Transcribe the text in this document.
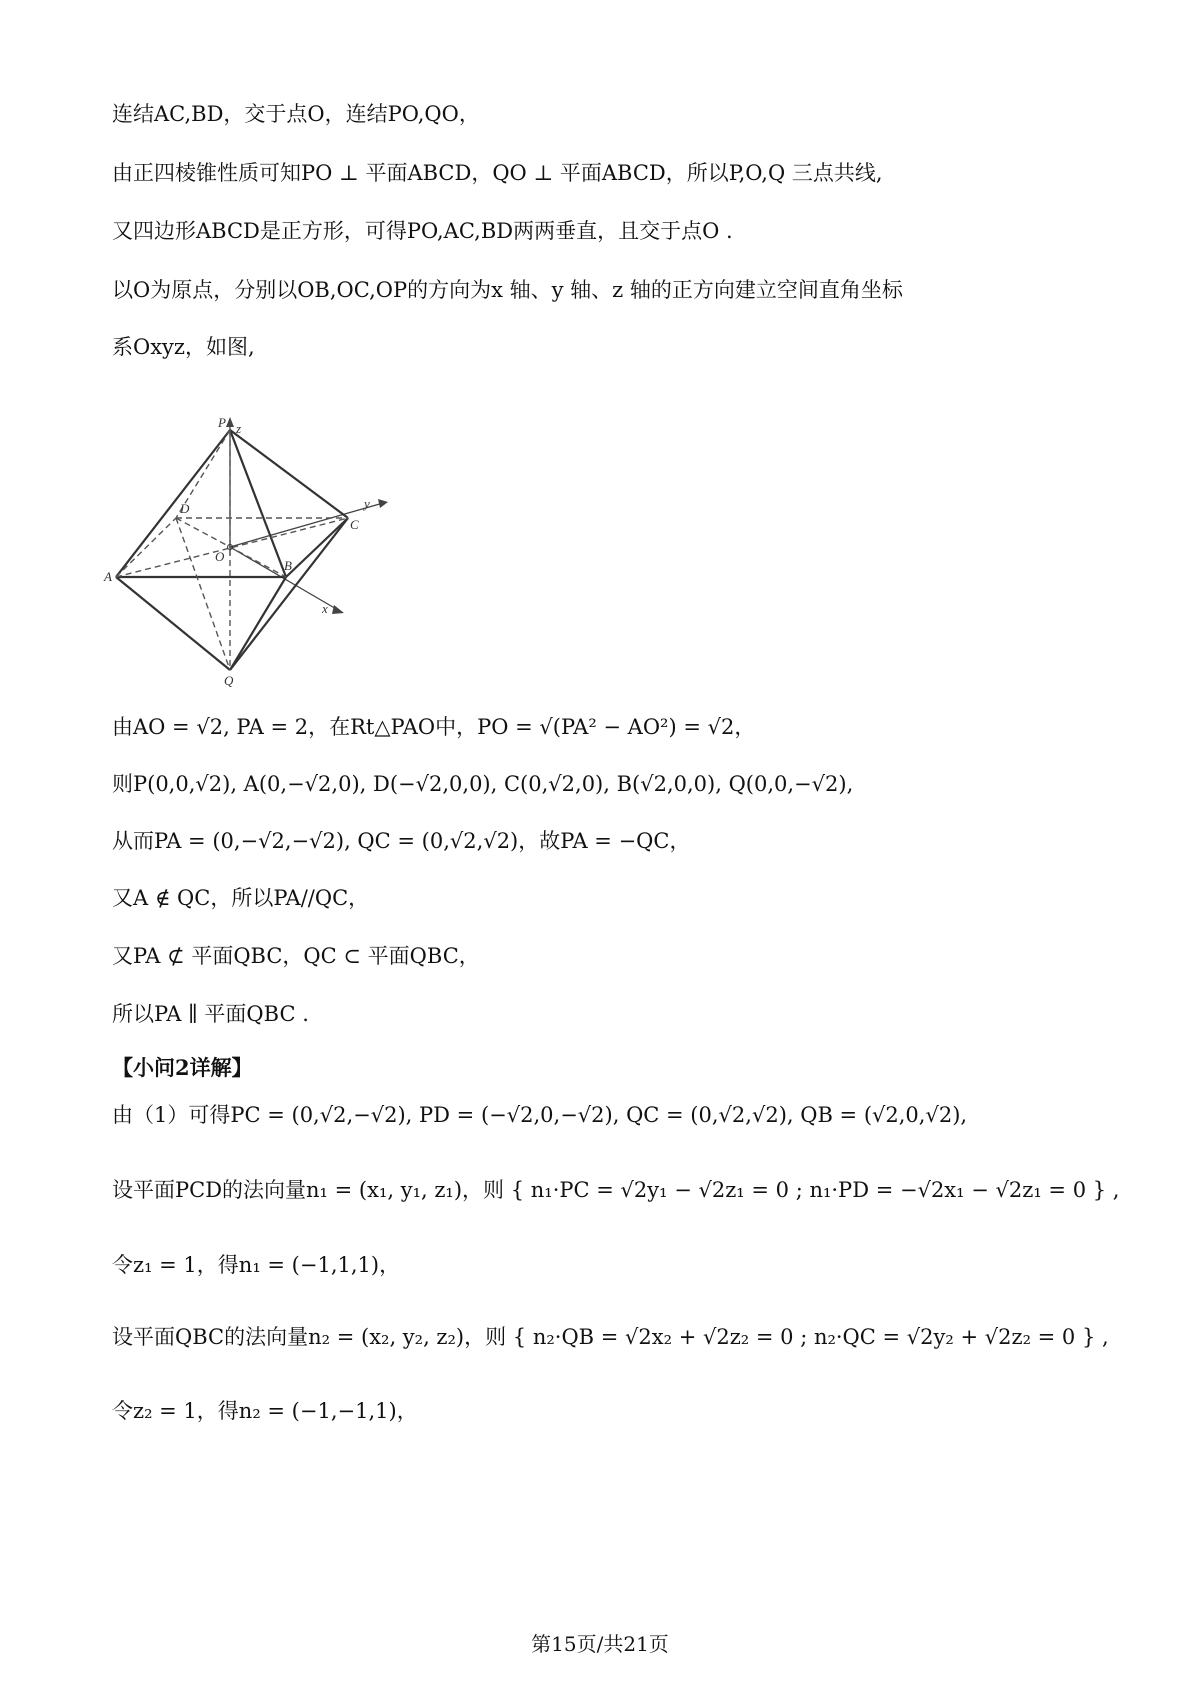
连结AC,BD，交于点O，连结PO,QO，
由正四棱锥性质可知PO ⊥ 平面ABCD，QO ⊥ 平面ABCD，所以P,O,Q 三点共线,
又四边形ABCD是正方形，可得PO,AC,BD两两垂直，且交于点O .
以O为原点，分别以OB,OC,OP的方向为x 轴、y 轴、z 轴的正方向建立空间直角坐标
系Oxyz，如图,
P
D
C
O
A
B
Q
x
y
z
由AO = √2, PA = 2，在Rt△PAO中，PO = √(PA² − AO²) = √2，
则P(0,0,√2), A(0,−√2,0), D(−√2,0,0), C(0,√2,0), B(√2,0,0), Q(0,0,−√2),
从而PA = (0,−√2,−√2), QC = (0,√2,√2)，故PA = −QC，
又A ∉ QC，所以PA//QC，
又PA ⊄ 平面QBC，QC ⊂ 平面QBC，
所以PA ∥ 平面QBC .
【小问2详解】
由（1）可得PC = (0,√2,−√2), PD = (−√2,0,−√2), QC = (0,√2,√2), QB = (√2,0,√2),
设平面PCD的法向量n₁ = (x₁, y₁, z₁)，则 { n₁·PC = √2y₁ − √2z₁ = 0 ; n₁·PD = −√2x₁ − √2z₁ = 0 } ,
令z₁ = 1，得n₁ = (−1,1,1)，
设平面QBC的法向量n₂ = (x₂, y₂, z₂)，则 { n₂·QB = √2x₂ + √2z₂ = 0 ; n₂·QC = √2y₂ + √2z₂ = 0 } ,
令z₂ = 1，得n₂ = (−1,−1,1)，
第15页/共21页
